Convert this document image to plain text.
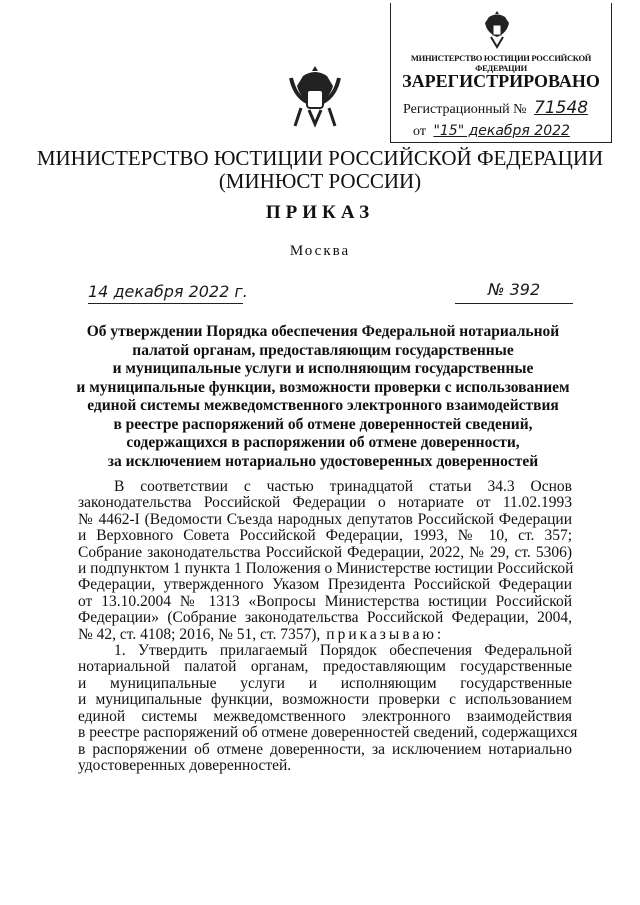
МИНИСТЕРСТВО ЮСТИЦИИ РОССИЙСКОЙ ФЕДЕРАЦИИ
ЗАРЕГИСТРИРОВАНО
Регистрационный № 71548
от "15" декабря 2022
МИНИСТЕРСТВО ЮСТИЦИИ РОССИЙСКОЙ ФЕДЕРАЦИИ
(МИНЮСТ РОССИИ)
ПРИКАЗ
Москва
14 декабря 2022 г.	№ 392
Об утверждении Порядка обеспечения Федеральной нотариальной
палатой органам, предоставляющим государственные
и муниципальные услуги и исполняющим государственные
и муниципальные функции, возможности проверки с использованием
единой системы межведомственного электронного взаимодействия
в реестре распоряжений об отмене доверенностей сведений,
содержащихся в распоряжении об отмене доверенности,
за исключением нотариально удостоверенных доверенностей
В соответствии с частью тринадцатой статьи 34.3 Основ
законодательства Российской Федерации о нотариате от 11.02.1993
№ 4462-I (Ведомости Съезда народных депутатов Российской Федерации
и Верховного Совета Российской Федерации, 1993, № 10, ст. 357;
Собрание законодательства Российской Федерации, 2022, № 29, ст. 5306)
и подпунктом 1 пункта 1 Положения о Министерстве юстиции Российской
Федерации, утвержденного Указом Президента Российской Федерации
от 13.10.2004 № 1313 «Вопросы Министерства юстиции Российской
Федерации» (Собрание законодательства Российской Федерации, 2004,
№ 42, ст. 4108; 2016, № 51, ст. 7357), приказываю:
1. Утвердить прилагаемый Порядок обеспечения Федеральной
нотариальной палатой органам, предоставляющим государственные
и муниципальные услуги и исполняющим государственные
и муниципальные функции, возможности проверки с использованием
единой системы межведомственного электронного взаимодействия
в реестре распоряжений об отмене доверенностей сведений, содержащихся
в распоряжении об отмене доверенности, за исключением нотариально
удостоверенных доверенностей.
